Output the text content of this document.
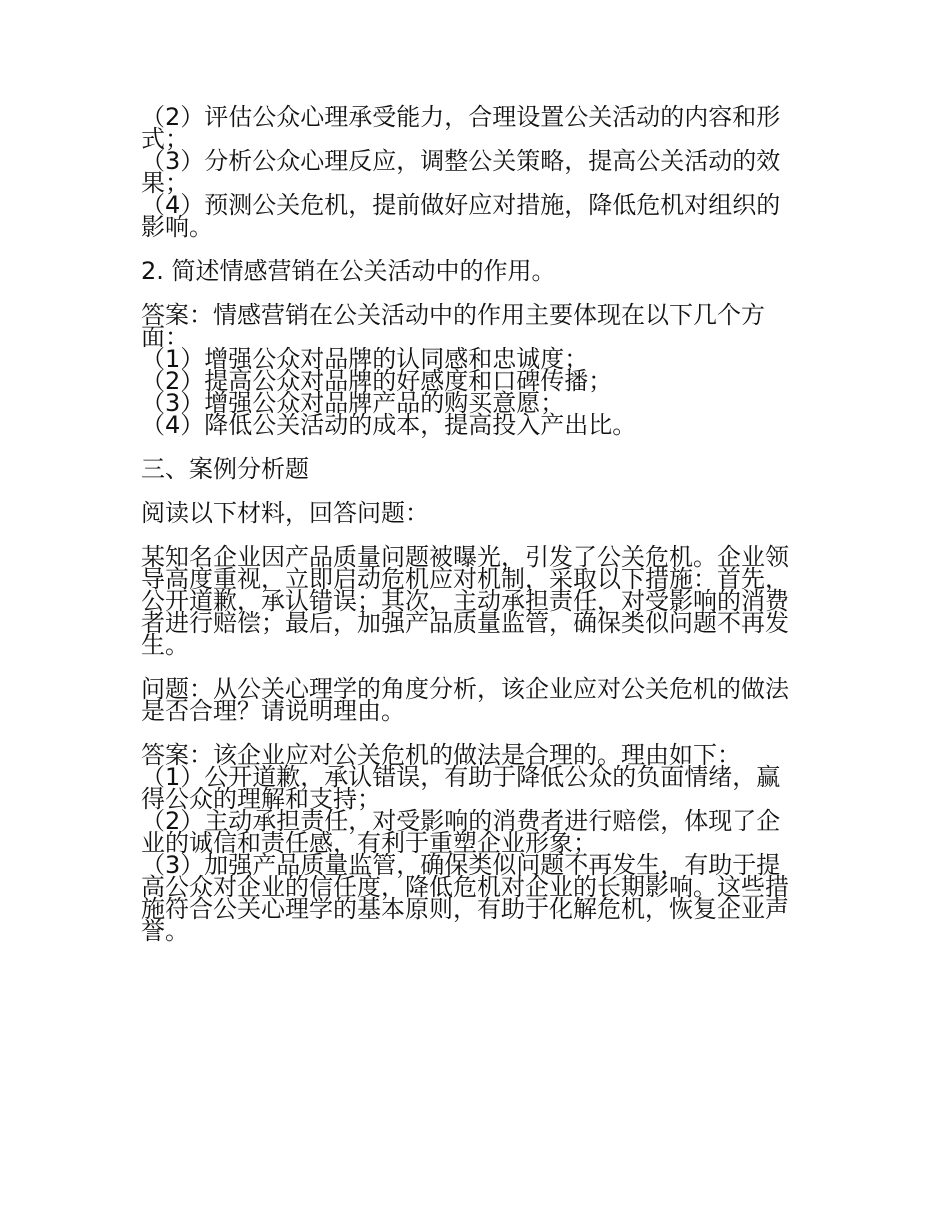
（2）评估公众心理承受能力，合理设置公关活动的内容和形
式；
（3）分析公众心理反应，调整公关策略，提高公关活动的效
果；
（4）预测公关危机，提前做好应对措施，降低危机对组织的
影响。
2. 简述情感营销在公关活动中的作用。
答案：情感营销在公关活动中的作用主要体现在以下几个方
面：
（1）增强公众对品牌的认同感和忠诚度；
（2）提高公众对品牌的好感度和口碑传播；
（3）增强公众对品牌产品的购买意愿；
（4）降低公关活动的成本，提高投入产出比。
三、案例分析题
阅读以下材料，回答问题：
某知名企业因产品质量问题被曝光，引发了公关危机。企业领
导高度重视，立即启动危机应对机制，采取以下措施：首先，
公开道歉，承认错误；其次，主动承担责任，对受影响的消费
者进行赔偿；最后，加强产品质量监管，确保类似问题不再发
生。
问题：从公关心理学的角度分析，该企业应对公关危机的做法
是否合理？请说明理由。
答案：该企业应对公关危机的做法是合理的。理由如下：
（1）公开道歉，承认错误，有助于降低公众的负面情绪，赢
得公众的理解和支持；
（2）主动承担责任，对受影响的消费者进行赔偿，体现了企
业的诚信和责任感，有利于重塑企业形象；
（3）加强产品质量监管，确保类似问题不再发生，有助于提
高公众对企业的信任度，降低危机对企业的长期影响。这些措
施符合公关心理学的基本原则，有助于化解危机，恢复企业声
誉。
